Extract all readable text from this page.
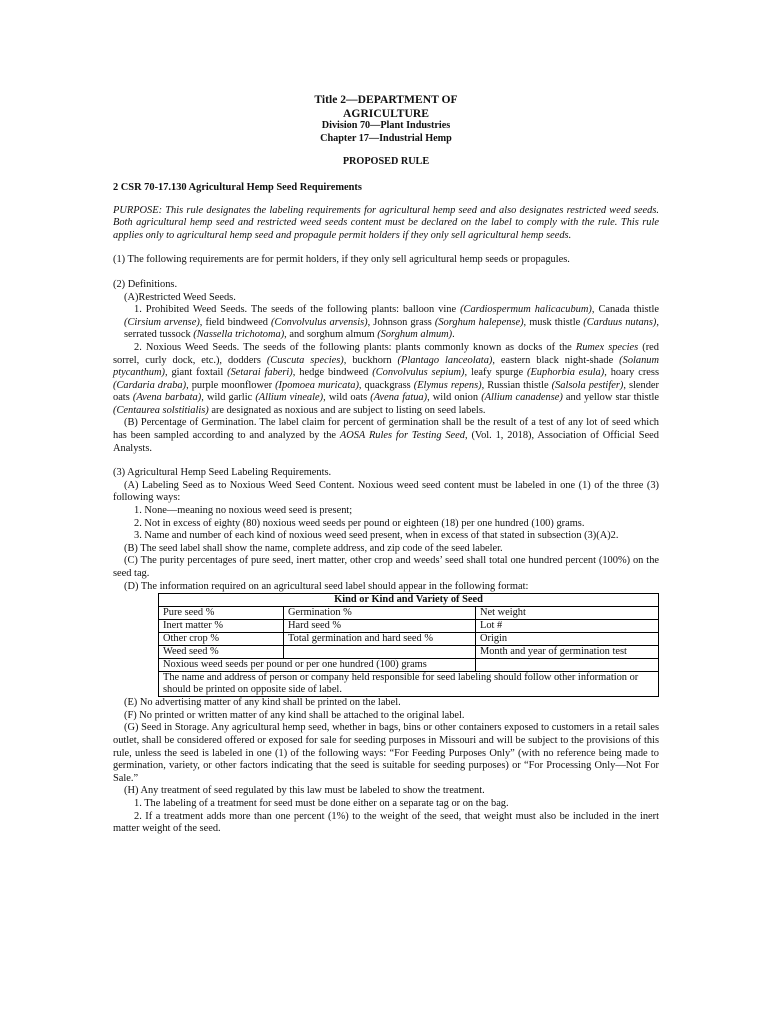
Title 2—DEPARTMENT OF

AGRICULTURE

Division 70—Plant Industries

Chapter 17—Industrial Hemp

PROPOSED RULE

2 CSR 70-17.130 Agricultural Hemp Seed Requirements

PURPOSE: This rule designates the labeling requirements for agricultural hemp seed and also designates restricted weed seeds. Both agricultural hemp seed and restricted weed seeds content must be declared on the label to comply with the rule. This rule applies only to agricultural hemp seed and propagule permit holders if they only sell agricultural hemp seeds.

(1) The following requirements are for permit holders, if they only sell agricultural hemp seeds or propagules.

(2) Definitions.

(A)Restricted Weed Seeds.

1. Prohibited Weed Seeds. The seeds of the following plants: balloon vine (Cardiospermum halicacubum), Canada thistle (Cirsium arvense), field bindweed (Convolvulus arvensis), Johnson grass (Sorghum halepense), musk thistle (Carduus nutans), serrated tussock (Nassella trichotoma), and sorghum almum (Sorghum almum).

2. Noxious Weed Seeds. The seeds of the following plants: plants commonly known as docks of the Rumex species (red sorrel, curly dock, etc.), dodders (Cuscuta species), buckhorn (Plantago lanceolata), eastern black night-shade (Solanum ptycanthum), giant foxtail (Setarai faberi), hedge bindweed (Convolvulus sepium), leafy spurge (Euphorbia esula), hoary cress (Cardaria draba), purple moonflower (Ipomoea muricata), quackgrass (Elymus repens), Russian thistle (Salsola pestifer), slender oats (Avena barbata), wild garlic (Allium vineale), wild oats (Avena fatua), wild onion (Allium canadense) and yellow star thistle (Centaurea solstitialis) are designated as noxious and are subject to listing on seed labels.

(B) Percentage of Germination. The label claim for percent of germination shall be the result of a test of any lot of seed which has been sampled according to and analyzed by the AOSA Rules for Testing Seed, (Vol. 1, 2018), Association of Official Seed Analysts.

(3) Agricultural Hemp Seed Labeling Requirements.

(A) Labeling Seed as to Noxious Weed Seed Content. Noxious weed seed content must be labeled in one (1) of the three (3) following ways:

1. None—meaning no noxious weed seed is present;

2. Not in excess of eighty (80) noxious weed seeds per pound or eighteen (18) per one hundred (100) grams.

3. Name and number of each kind of noxious weed seed present, when in excess of that stated in subsection (3)(A)2.

(B) The seed label shall show the name, complete address, and zip code of the seed labeler.

(C) The purity percentages of pure seed, inert matter, other crop and weeds’ seed shall total one hundred percent (100%) on the seed tag.

(D) The information required on an agricultural seed label should appear in the following format:

Kind or Kind and Variety of Seed		
Pure seed %	Germination %	Net weight
Inert matter %	Hard seed %	Lot #
Other crop %	Total germination and hard seed %	Origin
Weed seed %		Month and year of germination test
Noxious weed seeds per pound or per one hundred (100) grams		
The name and address of person or company held responsible for seed labeling should follow other information or should be printed on opposite side of label.		

(E) No advertising matter of any kind shall be printed on the label.

(F) No printed or written matter of any kind shall be attached to the original label.

(G) Seed in Storage. Any agricultural hemp seed, whether in bags, bins or other containers exposed to customers in a retail sales outlet, shall be considered offered or exposed for sale for seeding purposes in Missouri and will be subject to the provisions of this rule, unless the seed is labeled in one (1) of the following ways: “For Feeding Purposes Only” (with no reference being made to germination, variety, or other factors indicating that the seed is suitable for seeding purposes) or “For Processing Only—Not For Sale.”

(H) Any treatment of seed regulated by this law must be labeled to show the treatment.

1. The labeling of a treatment for seed must be done either on a separate tag or on the bag.

2. If a treatment adds more than one percent (1%) to the weight of the seed, that weight must also be included in the inert matter weight of the seed.
